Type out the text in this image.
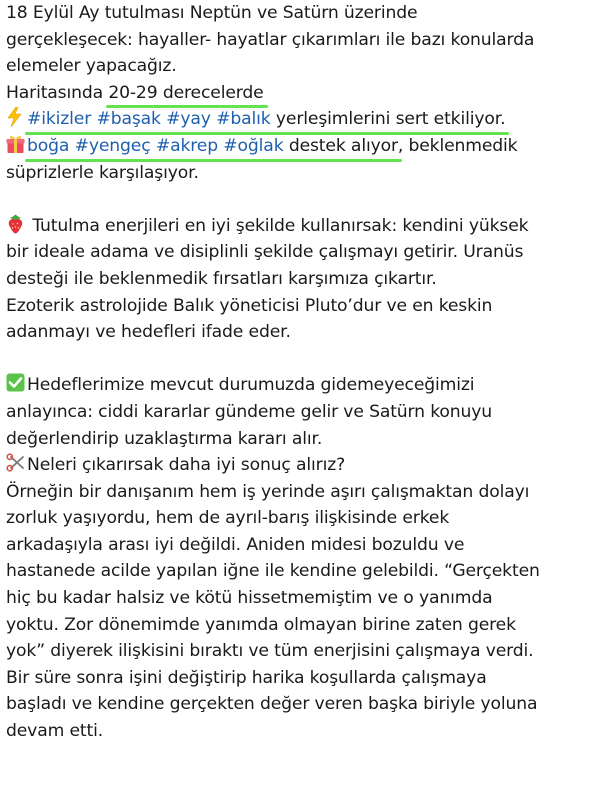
18 Eylül Ay tutulması Neptün ve Satürn üzerinde
gerçekleşecek: hayaller- hayatlar çıkarımları ile bazı konularda
elemeler yapacağız.
Haritasında 20-29 derecelerde
#ikizler #başak #yay #balık yerleşimlerini sert etkiliyor.
boğa #yengeç #akrep #oğlak destek alıyor, beklenmedik
süprizlerle karşılaşıyor.
Tutulma enerjileri en iyi şekilde kullanırsak: kendini yüksek
bir ideale adama ve disiplinli şekilde çalışmayı getirir. Uranüs
desteği ile beklenmedik fırsatları karşımıza çıkartır.
Ezoterik astrolojide Balık yöneticisi Pluto’dur ve en keskin
adanmayı ve hedefleri ifade eder.
Hedeflerimize mevcut durumuzda gidemeyeceğimizi
anlayınca: ciddi kararlar gündeme gelir ve Satürn konuyu
değerlendirip uzaklaştırma kararı alır.
Neleri çıkarırsak daha iyi sonuç alırız?
Örneğin bir danışanım hem iş yerinde aşırı çalışmaktan dolayı
zorluk yaşıyordu, hem de ayrıl-barış ilişkisinde erkek
arkadaşıyla arası iyi değildi. Aniden midesi bozuldu ve
hastanede acilde yapılan iğne ile kendine gelebildi. “Gerçekten
hiç bu kadar halsiz ve kötü hissetmemiştim ve o yanımda
yoktu. Zor dönemimde yanımda olmayan birine zaten gerek
yok” diyerek ilişkisini bıraktı ve tüm enerjisini çalışmaya verdi.
Bir süre sonra işini değiştirip harika koşullarda çalışmaya
başladı ve kendine gerçekten değer veren başka biriyle yoluna
devam etti.
